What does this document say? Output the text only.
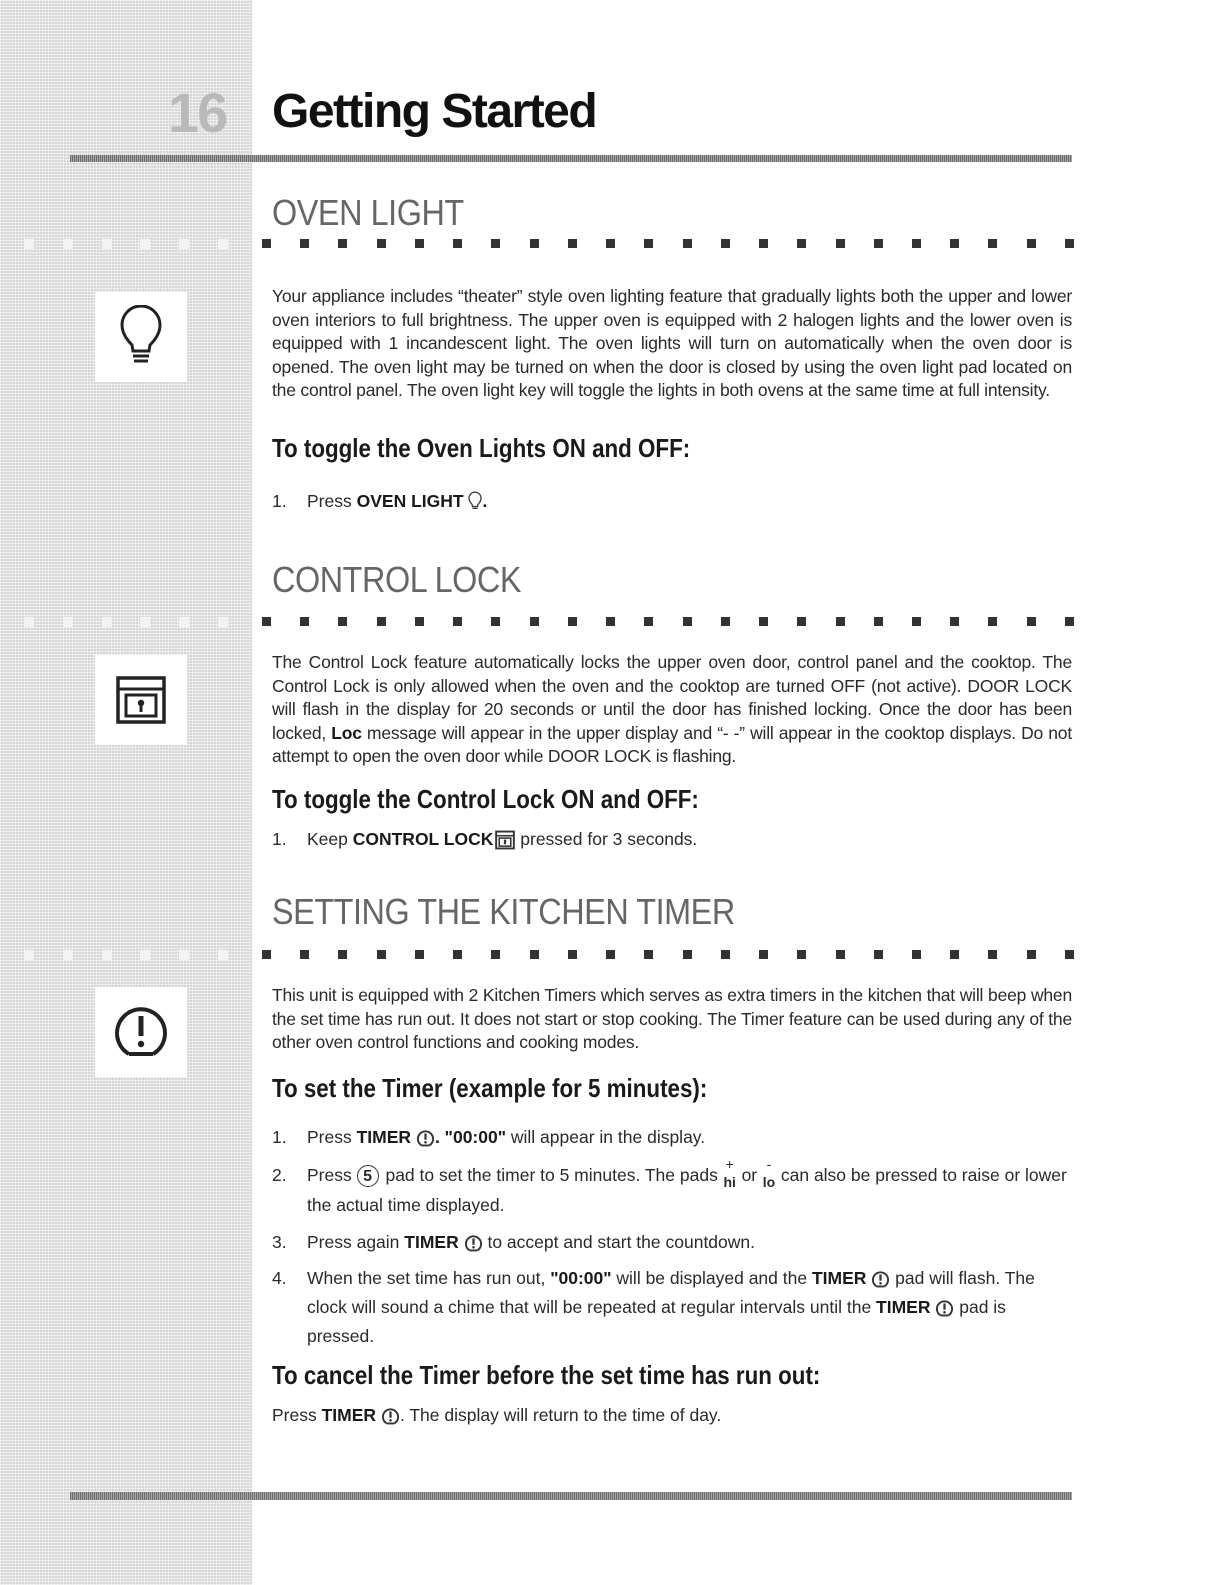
16 Getting Started
OVEN LIGHT
Your appliance includes “theater” style oven lighting feature that gradually lights both the upper and lower oven interiors to full brightness. The upper oven is equipped with 2 halogen lights and the lower oven is equipped with 1 incandescent light. The oven lights will turn on automatically when the oven door is opened. The oven light may be turned on when the door is closed by using the oven light pad located on the control panel. The oven light key will toggle the lights in both ovens at the same time at full intensity.
To toggle the Oven Lights ON and OFF:
1. Press OVEN LIGHT .
CONTROL LOCK
The Control Lock feature automatically locks the upper oven door, control panel and the cooktop. The Control Lock is only allowed when the oven and the cooktop are turned OFF (not active). DOOR LOCK will flash in the display for 20 seconds or until the door has finished locking. Once the door has been locked, Loc message will appear in the upper display and “- -” will appear in the cooktop displays. Do not attempt to open the oven door while DOOR LOCK is flashing.
To toggle the Control Lock ON and OFF:
1. Keep CONTROL LOCK pressed for 3 seconds.
SETTING THE KITCHEN TIMER
This unit is equipped with 2 Kitchen Timers which serves as extra timers in the kitchen that will beep when the set time has run out. It does not start or stop cooking. The Timer feature can be used during any of the other oven control functions and cooking modes.
To set the Timer (example for 5 minutes):
1. Press TIMER . "00:00" will appear in the display.
2. Press 5 pad to set the timer to 5 minutes. The pads
+
hi or
-
lo can also be pressed to raise or lower the actual time displayed.
3. Press again TIMER  to accept and start the countdown.
4. When the set time has run out, "00:00" will be displayed and the TIMER  pad will flash. The clock will sound a chime that will be repeated at regular intervals until the TIMER  pad is pressed.
To cancel the Timer before the set time has run out:
Press TIMER . The display will return to the time of day.
